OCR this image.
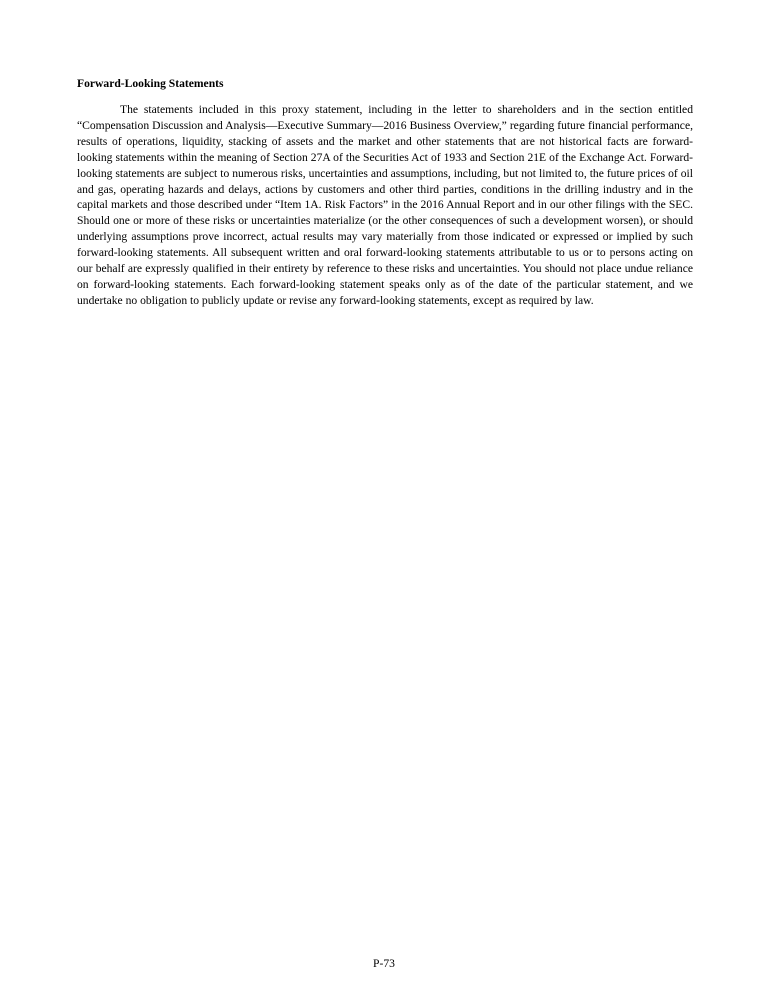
Forward-Looking Statements

The statements included in this proxy statement, including in the letter to shareholders and in the section entitled “Compensation Discussion and Analysis—Executive Summary—2016 Business Overview,” regarding future financial performance, results of operations, liquidity, stacking of assets and the market and other statements that are not historical facts are forward-looking statements within the meaning of Section 27A of the Securities Act of 1933 and Section 21E of the Exchange Act. Forward-looking statements are subject to numerous risks, uncertainties and assumptions, including, but not limited to, the future prices of oil and gas, operating hazards and delays, actions by customers and other third parties, conditions in the drilling industry and in the capital markets and those described under “Item 1A. Risk Factors” in the 2016 Annual Report and in our other filings with the SEC. Should one or more of these risks or uncertainties materialize (or the other consequences of such a development worsen), or should underlying assumptions prove incorrect, actual results may vary materially from those indicated or expressed or implied by such forward-looking statements. All subsequent written and oral forward-looking statements attributable to us or to persons acting on our behalf are expressly qualified in their entirety by reference to these risks and uncertainties. You should not place undue reliance on forward-looking statements. Each forward-looking statement speaks only as of the date of the particular statement, and we undertake no obligation to publicly update or revise any forward-looking statements, except as required by law.

P-73
